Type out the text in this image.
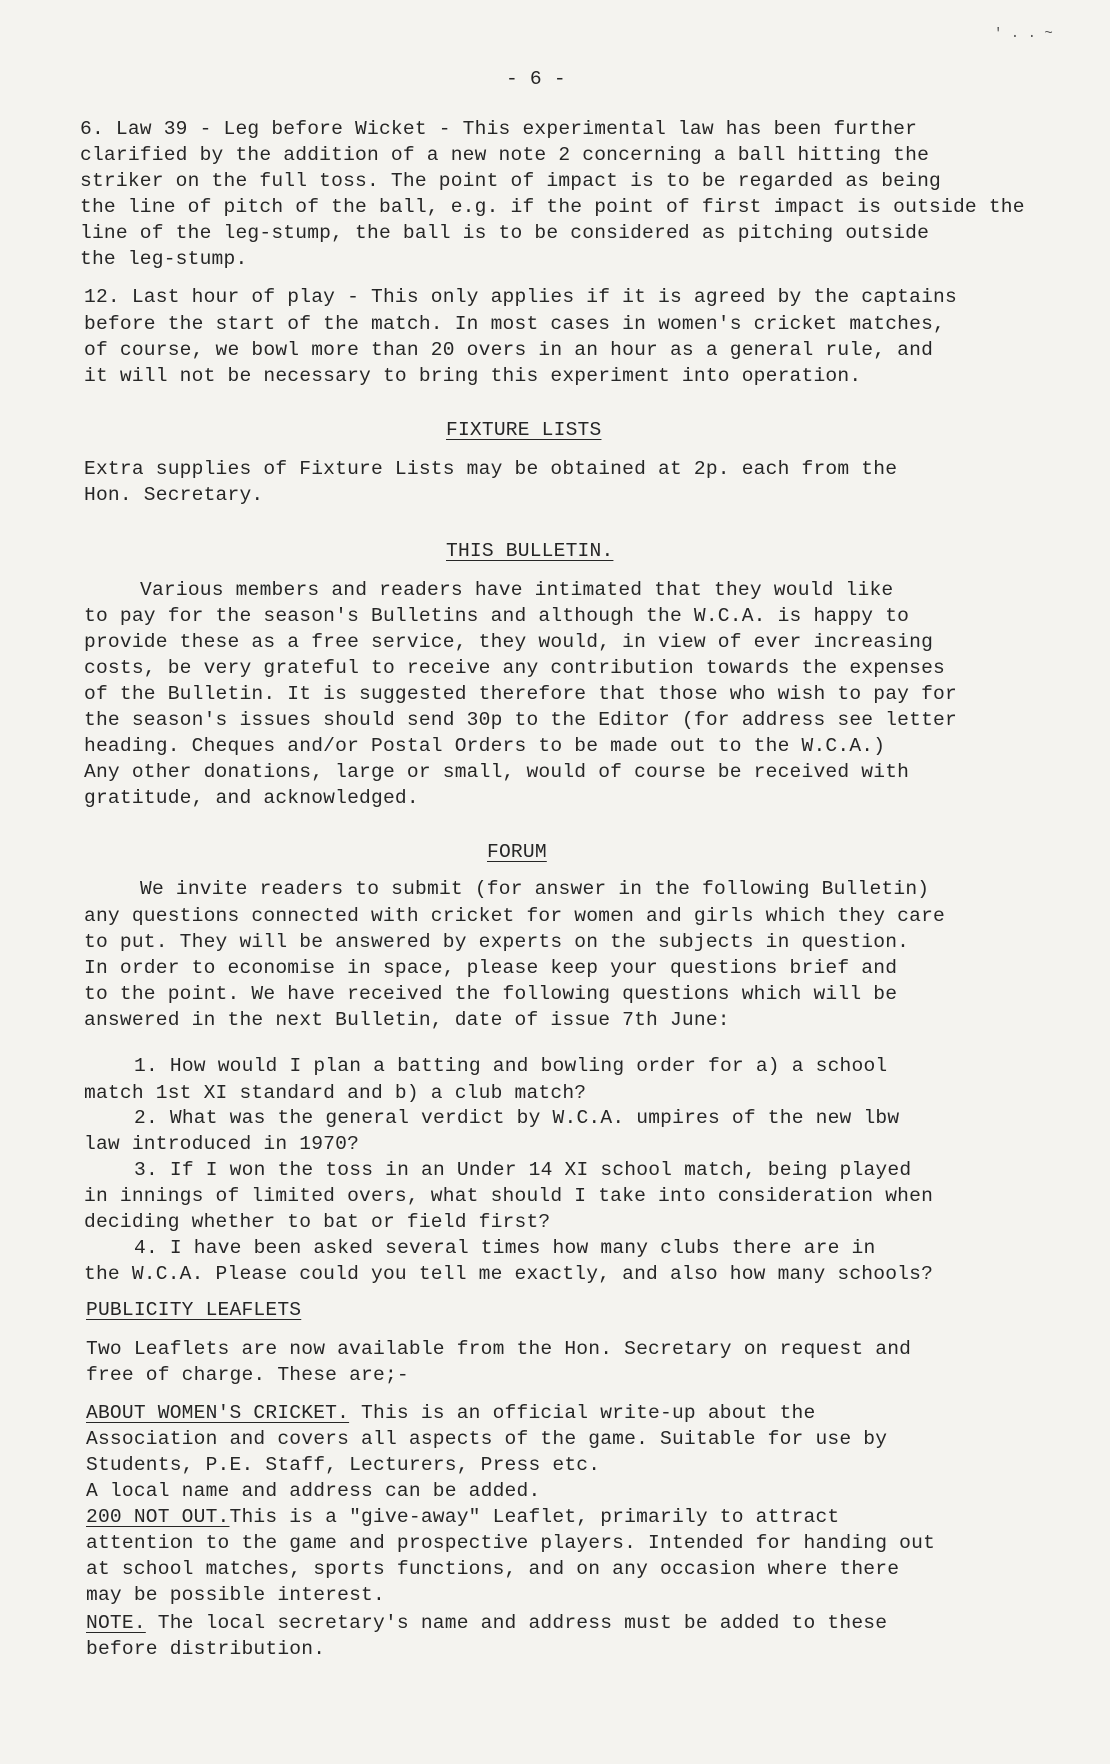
' . . ~
- 6 -
6. Law 39 - Leg before Wicket - This experimental law has been further
clarified by the addition of a new note 2 concerning a ball hitting the
striker on the full toss. The point of impact is to be regarded as being
the line of pitch of the ball, e.g. if the point of first impact is outside the
line of the leg-stump, the ball is to be considered as pitching outside
the leg-stump.
12. Last hour of play - This only applies if it is agreed by the captains
before the start of the match. In most cases in women's cricket matches,
of course, we bowl more than 20 overs in an hour as a general rule, and
it will not be necessary to bring this experiment into operation.
FIXTURE LISTS
Extra supplies of Fixture Lists may be obtained at 2p. each from the
Hon. Secretary.
THIS BULLETIN.
Various members and readers have intimated that they would like
to pay for the season's Bulletins and although the W.C.A. is happy to
provide these as a free service, they would, in view of ever increasing
costs, be very grateful to receive any contribution towards the expenses
of the Bulletin. It is suggested therefore that those who wish to pay for
the season's issues should send 30p to the Editor (for address see letter
heading. Cheques and/or Postal Orders to be made out to the W.C.A.)
Any other donations, large or small, would of course be received with
gratitude, and acknowledged.
FORUM
We invite readers to submit (for answer in the following Bulletin)
any questions connected with cricket for women and girls which they care
to put. They will be answered by experts on the subjects in question.
In order to economise in space, please keep your questions brief and
to the point. We have received the following questions which will be
answered in the next Bulletin, date of issue 7th June:
1. How would I plan a batting and bowling order for a) a school
match 1st XI standard and b) a club match?
2. What was the general verdict by W.C.A. umpires of the new lbw
law introduced in 1970?
3. If I won the toss in an Under 14 XI school match, being played
in innings of limited overs, what should I take into consideration when
deciding whether to bat or field first?
4. I have been asked several times how many clubs there are in
the W.C.A. Please could you tell me exactly, and also how many schools?
PUBLICITY LEAFLETS
Two Leaflets are now available from the Hon. Secretary on request and
free of charge. These are;-
ABOUT WOMEN'S CRICKET. This is an official write-up about the
Association and covers all aspects of the game. Suitable for use by
Students, P.E. Staff, Lecturers, Press etc.
A local name and address can be added.
200 NOT OUT.This is a "give-away" Leaflet, primarily to attract
attention to the game and prospective players. Intended for handing out
at school matches, sports functions, and on any occasion where there
may be possible interest.
NOTE. The local secretary's name and address must be added to these
before distribution.
